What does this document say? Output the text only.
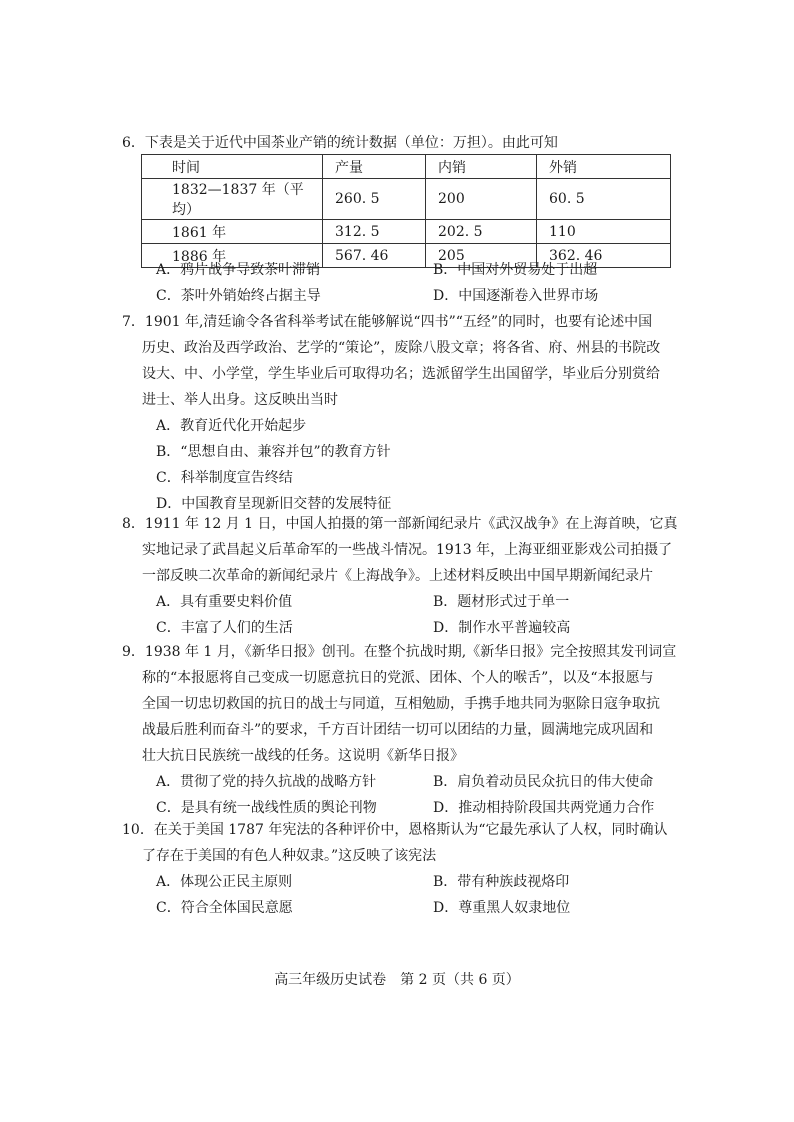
6．下表是关于近代中国茶业产销的统计数据（单位：万担）。由此可知
时间	产量	内销	外销
1832—1837 年（平均）	260. 5	200	60. 5
1861 年	312. 5	202. 5	110
1886 年	567. 46	205	362. 46
A．鸦片战争导致茶叶滞销	B．中国对外贸易处于出超
C．茶叶外销始终占据主导	D．中国逐渐卷入世界市场
7．1901 年,清廷谕令各省科举考试在能够解说“四书”“五经”的同时，也要有论述中国
历史、政治及西学政治、艺学的“策论”，废除八股文章；将各省、府、州县的书院改
设大、中、小学堂，学生毕业后可取得功名；选派留学生出国留学，毕业后分别赏给
进士、举人出身。这反映出当时
A．教育近代化开始起步
B．“思想自由、兼容并包”的教育方针
C．科举制度宣告终结
D．中国教育呈现新旧交替的发展特征
8．1911 年 12 月 1 日，中国人拍摄的第一部新闻纪录片《武汉战争》在上海首映，它真
实地记录了武昌起义后革命军的一些战斗情况。1913 年，上海亚细亚影戏公司拍摄了
一部反映二次革命的新闻纪录片《上海战争》。上述材料反映出中国早期新闻纪录片
A．具有重要史料价值	B．题材形式过于单一
C．丰富了人们的生活	D．制作水平普遍较高
9．1938 年 1 月，《新华日报》创刊。在整个抗战时期,《新华日报》完全按照其发刊词宣
称的“本报愿将自己变成一切愿意抗日的党派、团体、个人的喉舌”，以及“本报愿与
全国一切忠切救国的抗日的战士与同道，互相勉励，手携手地共同为驱除日寇争取抗
战最后胜利而奋斗”的要求，千方百计团结一切可以团结的力量，圆满地完成巩固和
壮大抗日民族统一战线的任务。这说明《新华日报》
A．贯彻了党的持久抗战的战略方针	B．肩负着动员民众抗日的伟大使命
C．是具有统一战线性质的舆论刊物	D．推动相持阶段国共两党通力合作
10．在关于美国 1787 年宪法的各种评价中，恩格斯认为“它最先承认了人权，同时确认
了存在于美国的有色人种奴隶。”这反映了该宪法
A．体现公正民主原则	B．带有种族歧视烙印
C．符合全体国民意愿	D．尊重黑人奴隶地位
高三年级历史试卷　第 2 页（共 6 页）
